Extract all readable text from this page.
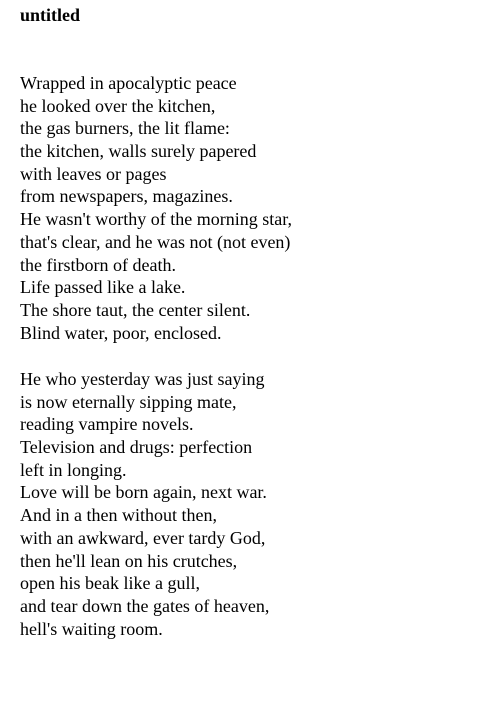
untitled
Wrapped in apocalyptic peace
he looked over the kitchen,
the gas burners, the lit flame:
the kitchen, walls surely papered
with leaves or pages
from newspapers, magazines.
He wasn't worthy of the morning star,
that's clear, and he was not (not even)
the firstborn of death.
Life passed like a lake.
The shore taut, the center silent.
Blind water, poor, enclosed.
He who yesterday was just saying
is now eternally sipping mate,
reading vampire novels.
Television and drugs: perfection
left in longing.
Love will be born again, next war.
And in a then without then,
with an awkward, ever tardy God,
then he'll lean on his crutches,
open his beak like a gull,
and tear down the gates of heaven,
hell's waiting room.
